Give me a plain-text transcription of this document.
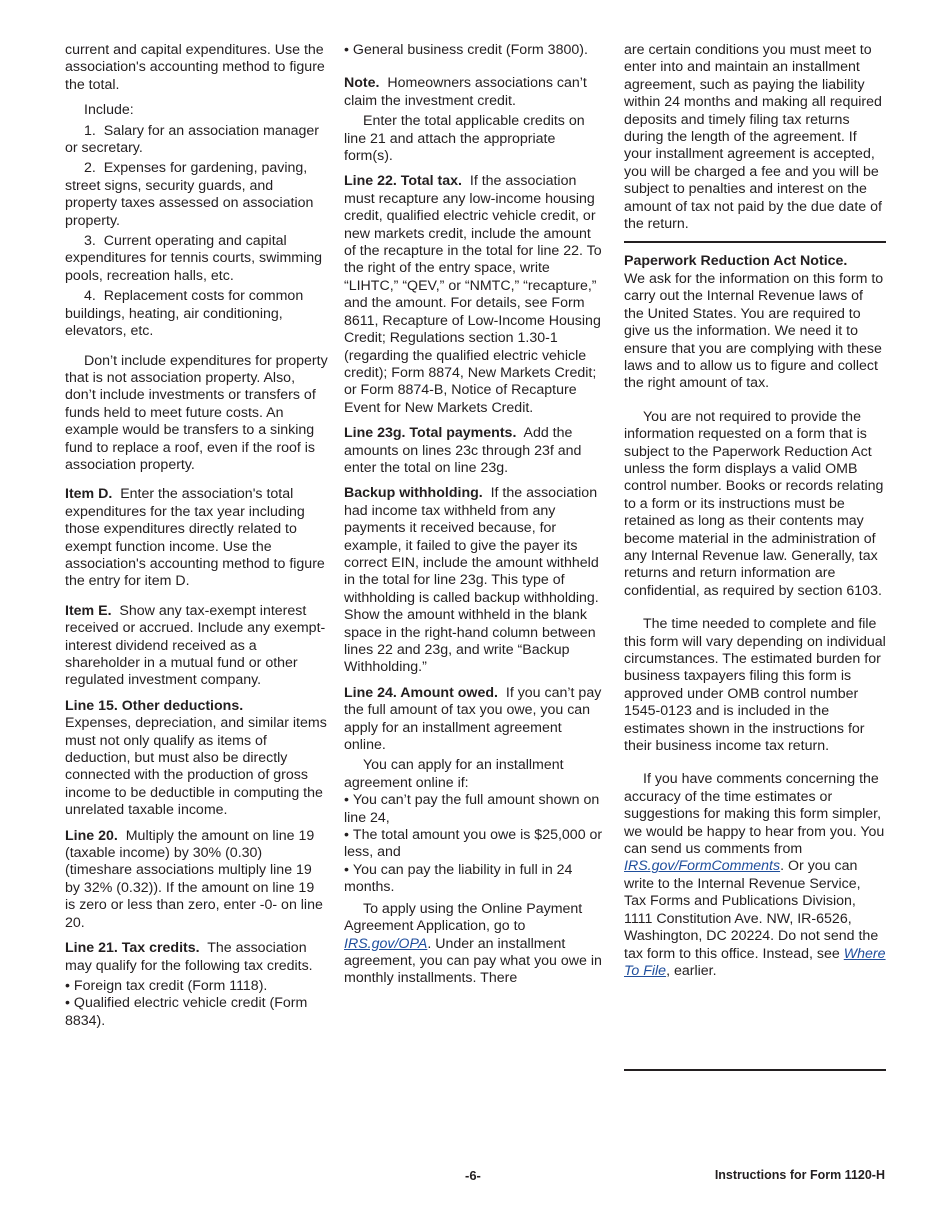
current and capital expenditures. Use the association's accounting method to figure the total.

Include:

1.  Salary for an association manager or secretary.

2.  Expenses for gardening, paving, street signs, security guards, and property taxes assessed on association property.

3.  Current operating and capital expenditures for tennis courts, swimming pools, recreation halls, etc.

4.  Replacement costs for common buildings, heating, air conditioning, elevators, etc.

Don’t include expenditures for property that is not association property. Also, don’t include investments or transfers of funds held to meet future costs. An example would be transfers to a sinking fund to replace a roof, even if the roof is association property.

Item D. Enter the association's total expenditures for the tax year including those expenditures directly related to exempt function income. Use the association's accounting method to figure the entry for item D.

Item E. Show any tax-exempt interest received or accrued. Include any exempt-interest dividend received as a shareholder in a mutual fund or other regulated investment company.

Line 15. Other deductions.
Expenses, depreciation, and similar items must not only qualify as items of deduction, but must also be directly connected with the production of gross income to be deductible in computing the unrelated taxable income.

Line 20. Multiply the amount on line 19 (taxable income) by 30% (0.30) (timeshare associations multiply line 19 by 32% (0.32)). If the amount on line 19 is zero or less than zero, enter -0- on line 20.

Line 21. Tax credits. The association may qualify for the following tax credits.

• Foreign tax credit (Form 1118).

• Qualified electric vehicle credit (Form 8834).

• General business credit (Form 3800).

Note. Homeowners associations can’t claim the investment credit.

Enter the total applicable credits on line 21 and attach the appropriate form(s).

Line 22. Total tax. If the association must recapture any low-income housing credit, qualified electric vehicle credit, or new markets credit, include the amount of the recapture in the total for line 22. To the right of the entry space, write “LIHTC,” “QEV,” or “NMTC,” “recapture,” and the amount. For details, see Form 8611, Recapture of Low-Income Housing Credit; Regulations section 1.30-1 (regarding the qualified electric vehicle credit); Form 8874, New Markets Credit; or Form 8874-B, Notice of Recapture Event for New Markets Credit.

Line 23g. Total payments. Add the amounts on lines 23c through 23f and enter the total on line 23g.

Backup withholding. If the association had income tax withheld from any payments it received because, for example, it failed to give the payer its correct EIN, include the amount withheld in the total for line 23g. This type of withholding is called backup withholding. Show the amount withheld in the blank space in the right-hand column between lines 22 and 23g, and write “Backup Withholding.”

Line 24. Amount owed. If you can’t pay the full amount of tax you owe, you can apply for an installment agreement online.

You can apply for an installment agreement online if:

• You can’t pay the full amount shown on line 24,

• The total amount you owe is $25,000 or less, and

• You can pay the liability in full in 24 months.

To apply using the Online Payment Agreement Application, go to IRS.gov/OPA. Under an installment agreement, you can pay what you owe in monthly installments. There

are certain conditions you must meet to enter into and maintain an installment agreement, such as paying the liability within 24 months and making all required deposits and timely filing tax returns during the length of the agreement. If your installment agreement is accepted, you will be charged a fee and you will be subject to penalties and interest on the amount of tax not paid by the due date of the return.

Paperwork Reduction Act Notice.
We ask for the information on this form to carry out the Internal Revenue laws of the United States. You are required to give us the information. We need it to ensure that you are complying with these laws and to allow us to figure and collect the right amount of tax.

You are not required to provide the information requested on a form that is subject to the Paperwork Reduction Act unless the form displays a valid OMB control number. Books or records relating to a form or its instructions must be retained as long as their contents may become material in the administration of any Internal Revenue law. Generally, tax returns and return information are confidential, as required by section 6103.

The time needed to complete and file this form will vary depending on individual circumstances. The estimated burden for business taxpayers filing this form is approved under OMB control number 1545-0123 and is included in the estimates shown in the instructions for their business income tax return.

If you have comments concerning the accuracy of the time estimates or suggestions for making this form simpler, we would be happy to hear from you. You can send us comments from IRS.gov/FormComments. Or you can write to the Internal Revenue Service, Tax Forms and Publications Division, 1111 Constitution Ave. NW, IR-6526, Washington, DC 20224. Do not send the tax form to this office. Instead, see Where To File, earlier.

-6-	Instructions for Form 1120-H
